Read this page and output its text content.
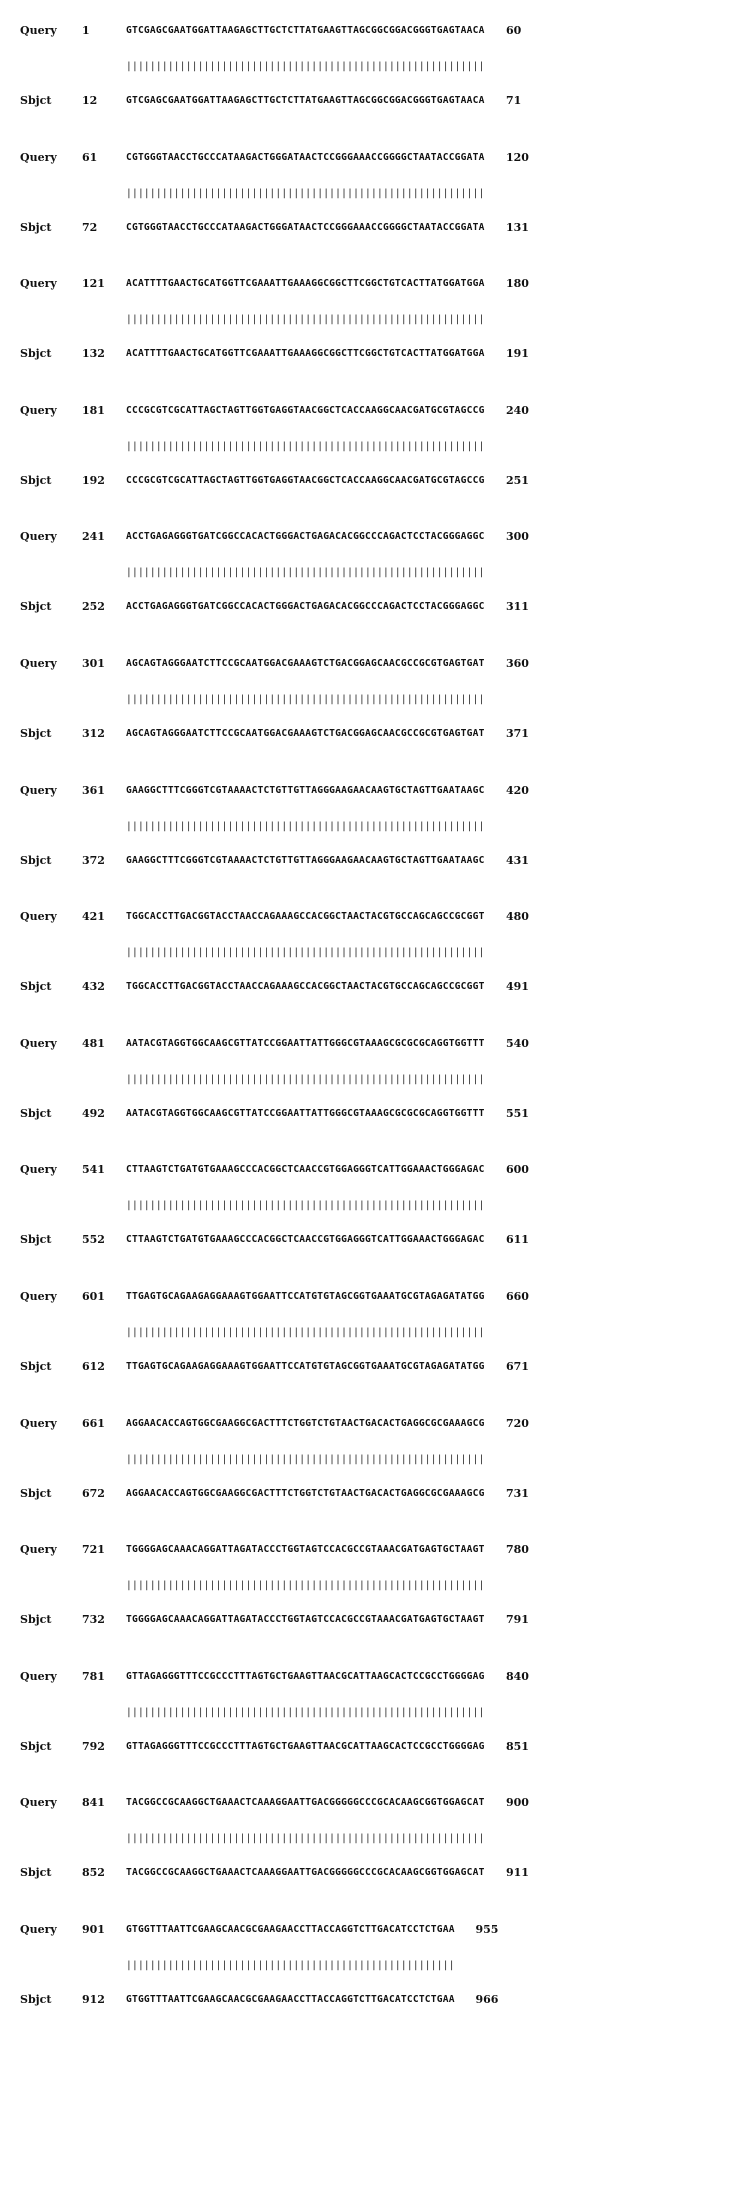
Query 1	GTCGAGCGAATGGATTAAGAGCTTGCTCTTATGAAGTTAGCGGCGGACGGGTGAGTAACA 60
||||||||||||||||||||||||||||||||||||||||||||||||||||||||||||
Sbjct	12	GTCGAGCGAATGGATTAAGAGCTTGCTCTTATGAAGTTAGCGGCGGACGGGTGAGTAACA 71
Query 61	CGTGGGTAACCTGCCCATAAGACTGGGATAACTCCGGGAAACCGGGGCTAATACCGGATA 120
||||||||||||||||||||||||||||||||||||||||||||||||||||||||||||
Sbjct	72	CGTGGGTAACCTGCCCATAAGACTGGGATAACTCCGGGAAACCGGGGCTAATACCGGATA 131
Query 121 ACATTTTGAACTGCATGGTTCGAAATTGAAAGGCGGCTTCGGCTGTCACTTATGGATGGA 180
||||||||||||||||||||||||||||||||||||||||||||||||||||||||||||
Sbjct	132 ACATTTTGAACTGCATGGTTCGAAATTGAAAGGCGGCTTCGGCTGTCACTTATGGATGGA 191
Query 181 CCCGCGTCGCATTAGCTAGTTGGTGAGGTAACGGCTCACCAAGGCAACGATGCGTAGCCG 240
||||||||||||||||||||||||||||||||||||||||||||||||||||||||||||
Sbjct	192 CCCGCGTCGCATTAGCTAGTTGGTGAGGTAACGGCTCACCAAGGCAACGATGCGTAGCCG 251
Query 241 ACCTGAGAGGGTGATCGGCCACACTGGGACTGAGACACGGCCCAGACTCCTACGGGAGGC 300
||||||||||||||||||||||||||||||||||||||||||||||||||||||||||||
Sbjct	252 ACCTGAGAGGGTGATCGGCCACACTGGGACTGAGACACGGCCCAGACTCCTACGGGAGGC 311
Query 301 AGCAGTAGGGAATCTTCCGCAATGGACGAAAGTCTGACGGAGCAACGCCGCGTGAGTGAT 360
||||||||||||||||||||||||||||||||||||||||||||||||||||||||||||
Sbjct	312 AGCAGTAGGGAATCTTCCGCAATGGACGAAAGTCTGACGGAGCAACGCCGCGTGAGTGAT 371
Query 361 GAAGGCTTTCGGGTCGTAAAACTCTGTTGTTAGGGAAGAACAAGTGCTAGTTGAATAAGC 420
||||||||||||||||||||||||||||||||||||||||||||||||||||||||||||
Sbjct	372 GAAGGCTTTCGGGTCGTAAAACTCTGTTGTTAGGGAAGAACAAGTGCTAGTTGAATAAGC 431
Query 421 TGGCACCTTGACGGTACCTAACCAGAAAGCCACGGCTAACTACGTGCCAGCAGCCGCGGT 480
||||||||||||||||||||||||||||||||||||||||||||||||||||||||||||
Sbjct	432 TGGCACCTTGACGGTACCTAACCAGAAAGCCACGGCTAACTACGTGCCAGCAGCCGCGGT 491
Query 481 AATACGTAGGTGGCAAGCGTTATCCGGAATTATTGGGCGTAAAGCGCGCGCAGGTGGTTT 540
||||||||||||||||||||||||||||||||||||||||||||||||||||||||||||
Sbjct	492 AATACGTAGGTGGCAAGCGTTATCCGGAATTATTGGGCGTAAAGCGCGCGCAGGTGGTTT 551
Query 541 CTTAAGTCTGATGTGAAAGCCCACGGCTCAACCGTGGAGGGTCATTGGAAACTGGGAGAC 600
||||||||||||||||||||||||||||||||||||||||||||||||||||||||||||
Sbjct	552 CTTAAGTCTGATGTGAAAGCCCACGGCTCAACCGTGGAGGGTCATTGGAAACTGGGAGAC 611
Query 601 TTGAGTGCAGAAGAGGAAAGTGGAATTCCATGTGTAGCGGTGAAATGCGTAGAGATATGG 660
||||||||||||||||||||||||||||||||||||||||||||||||||||||||||||
Sbjct	612 TTGAGTGCAGAAGAGGAAAGTGGAATTCCATGTGTAGCGGTGAAATGCGTAGAGATATGG 671
Query 661 AGGAACACCAGTGGCGAAGGCGACTTTCTGGTCTGTAACTGACACTGAGGCGCGAAAGCG 720
||||||||||||||||||||||||||||||||||||||||||||||||||||||||||||
Sbjct	672 AGGAACACCAGTGGCGAAGGCGACTTTCTGGTCTGTAACTGACACTGAGGCGCGAAAGCG 731
Query 721 TGGGGAGCAAACAGGATTAGATACCCTGGTAGTCCACGCCGTAAACGATGAGTGCTAAGT 780
||||||||||||||||||||||||||||||||||||||||||||||||||||||||||||
Sbjct	732 TGGGGAGCAAACAGGATTAGATACCCTGGTAGTCCACGCCGTAAACGATGAGTGCTAAGT 791
Query 781 GTTAGAGGGTTTCCGCCCTTTAGTGCTGAAGTTAACGCATTAAGCACTCCGCCTGGGGAG 840
||||||||||||||||||||||||||||||||||||||||||||||||||||||||||||
Sbjct	792 GTTAGAGGGTTTCCGCCCTTTAGTGCTGAAGTTAACGCATTAAGCACTCCGCCTGGGGAG 851
Query 841 TACGGCCGCAAGGCTGAAACTCAAAGGAATTGACGGGGGCCCGCACAAGCGGTGGAGCAT 900
||||||||||||||||||||||||||||||||||||||||||||||||||||||||||||
Sbjct	852 TACGGCCGCAAGGCTGAAACTCAAAGGAATTGACGGGGGCCCGCACAAGCGGTGGAGCAT 911
Query 901 GTGGTTTAATTCGAAGCAACGCGAAGAACCTTACCAGGTCTTGACATCCTCTGAA 955
|||||||||||||||||||||||||||||||||||||||||||||||||||||||
Sbjct	912 GTGGTTTAATTCGAAGCAACGCGAAGAACCTTACCAGGTCTTGACATCCTCTGAA 966
